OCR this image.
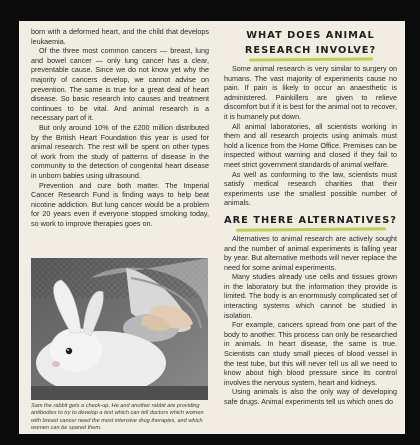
born with a deformed heart, and the child that develops leukaemia.

Of the three most common cancers — breast, lung and bowel cancer — only lung cancer has a clear, preventable cause. Since we do not know yet why the majority of cancers develop, we cannot advise on prevention. The same is true for a great deal of heart disease. So basic research into causes and treatment continues to be vital. And animal research is a necessary part of it.

But only around 10% of the £200 million distributed by the British Heart Foundation this year is used for animal research. The rest will be spent on other types of work from the study of patterns of disease in the community to the detection of congenital heart disease in unborn babies using ultrasound.

Prevention and cure both matter. The Imperial Cancer Research Fund is finding ways to help beat nicotine addiction. But lung cancer would be a problem for 20 years even if everyone stopped smoking today, so work to improve therapies goes on.

Sam the rabbit gets a check-up. He and another rabbit are providing antibodies to try to develop a test which can tell doctors which women with breast cancer need the most intensive drug therapies, and which women can be spared them.
WHAT DOES ANIMAL
RESEARCH INVOLVE?

Some animal research is very similar to surgery on humans. The vast majority of experiments cause no pain. If pain is likely to occur an anaesthetic is administered. Painkillers are given to relieve discomfort but if it is best for the animal not to recover, it is humanely put down.

All animal laboratories, all scientists working in them and all research projects using animals must hold a licence from the Home Office. Premises can be inspected without warning and closed if they fail to meet strict government standards of animal welfare.

As well as conforming to the law, scientists must satisfy medical research charities that their experiments use the smallest possible number of animals.

ARE THERE ALTERNATIVES?

Alternatives to animal research are actively sought and the number of animal experiments is falling year by year. But alternative methods will never replace the need for some animal experiments.

Many studies already use cells and tissues grown in the laboratory but the information they provide is limited. The body is an enormously complicated set of interacting systems which cannot be studied in isolation.

For example, cancers spread from one part of the body to another. This process can only be researched in animals. In heart disease, the same is true. Scientists can study small pieces of blood vessel in the test tube, but this will never tell us all we need to know about high blood pressure since its control involves the nervous system, heart and kidneys.

Using animals is also the only way of developing safe drugs. Animal experiments tell us which ones do
